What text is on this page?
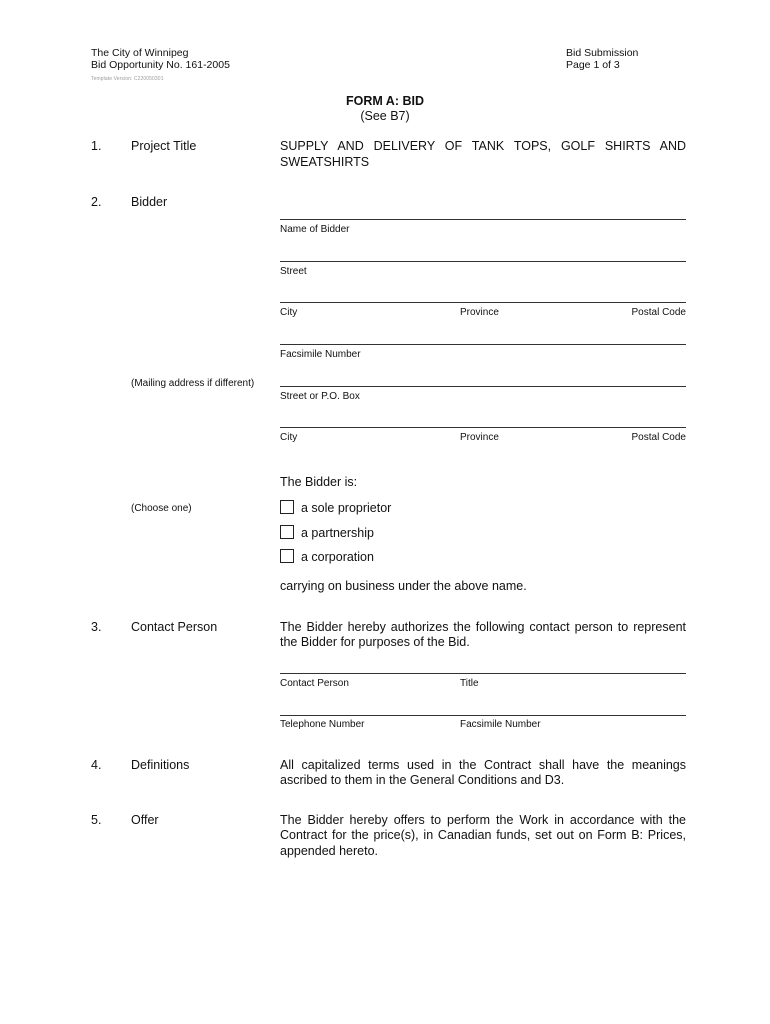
The City of Winnipeg
Bid Opportunity No. 161-2005
Template Version: C220050301
Bid Submission
Page 1 of 3
FORM A: BID
(See B7)
1. Project Title	SUPPLY AND DELIVERY OF TANK TOPS, GOLF SHIRTS AND
SWEATSHIRTS
2. Bidder
Name of Bidder
Street
City	Province	Postal Code
Facsimile Number
(Mailing address if different)
Street or P.O. Box
City	Province	Postal Code
The Bidder is:
(Choose one)	a sole proprietor
a partnership
a corporation
carrying on business under the above name.
3. Contact Person	The Bidder hereby authorizes the following contact person to represent
the Bidder for purposes of the Bid.
Contact Person	Title
Telephone Number	Facsimile Number
4. Definitions	All capitalized terms used in the Contract shall have the meanings
ascribed to them in the General Conditions and D3.
5. Offer	The Bidder hereby offers to perform the Work in accordance with the
Contract for the price(s), in Canadian funds, set out on Form B: Prices,
appended hereto.
